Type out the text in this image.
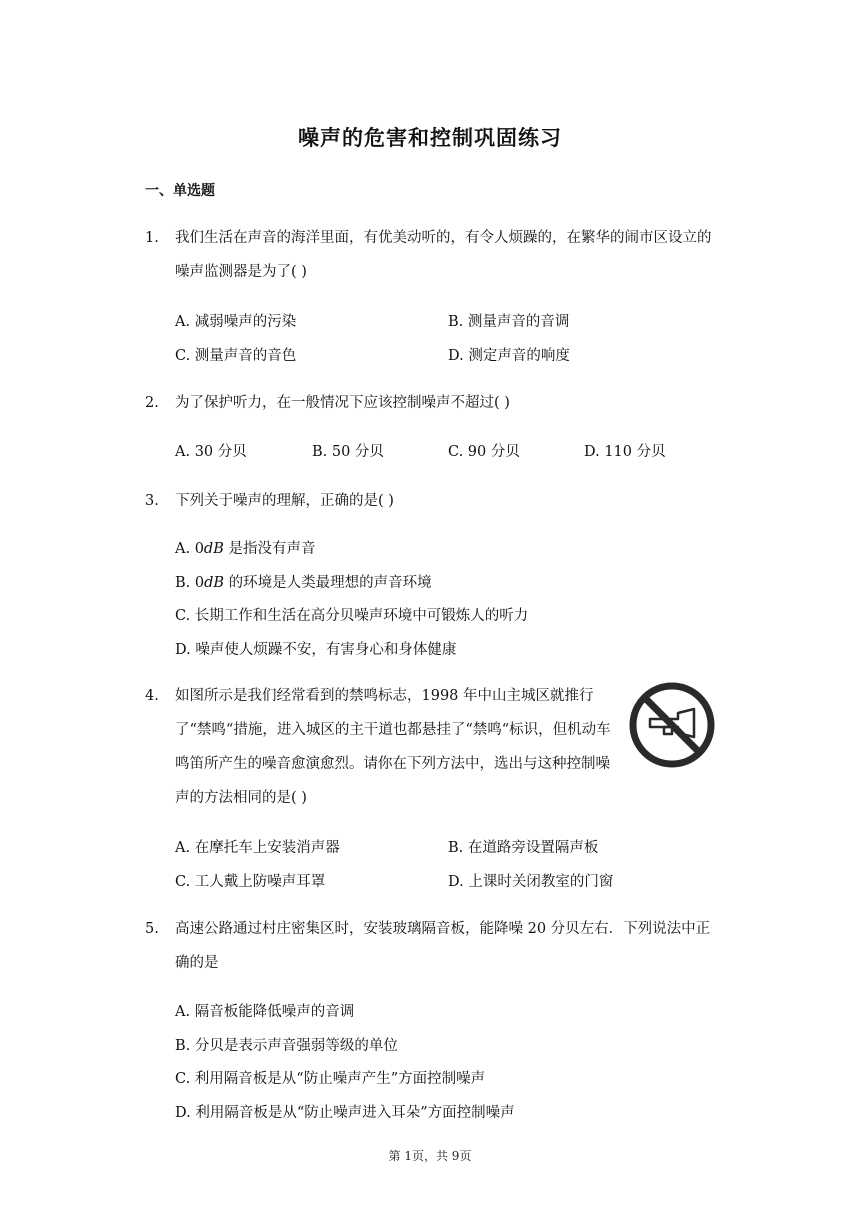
噪声的危害和控制巩固练习
一、单选题
1. 我们生活在声音的海洋里面，有优美动听的，有令人烦躁的，在繁华的闹市区设立的噪声监测器是为了( )
A. 减弱噪声的污染	B. 测量声音的音调
C. 测量声音的音色	D. 测定声音的响度
2. 为了保护听力，在一般情况下应该控制噪声不超过( )
A. 30 分贝	B. 50 分贝	C. 90 分贝	D. 110 分贝
3. 下列关于噪声的理解，正确的是( )
A. 0dB 是指没有声音
B. 0dB 的环境是人类最理想的声音环境
C. 长期工作和生活在高分贝噪声环境中可锻炼人的听力
D. 噪声使人烦躁不安，有害身心和身体健康
4. 如图所示是我们经常看到的禁鸣标志，1998 年中山主城区就推行了“禁鸣“措施，进入城区的主干道也都悬挂了“禁鸣“标识，但机动车鸣笛所产生的噪音愈演愈烈。请你在下列方法中，选出与这种控制噪声的方法相同的是( )
A. 在摩托车上安装消声器	B. 在道路旁设置隔声板
C. 工人戴上防噪声耳罩	D. 上课时关闭教室的门窗
5. 高速公路通过村庄密集区时，安装玻璃隔音板，能降噪 20 分贝左右．下列说法中正确的是
A. 隔音板能降低噪声的音调
B. 分贝是表示声音强弱等级的单位
C. 利用隔音板是从“防止噪声产生”方面控制噪声
D. 利用隔音板是从“防止噪声进入耳朵”方面控制噪声
第 1页，共 9页
